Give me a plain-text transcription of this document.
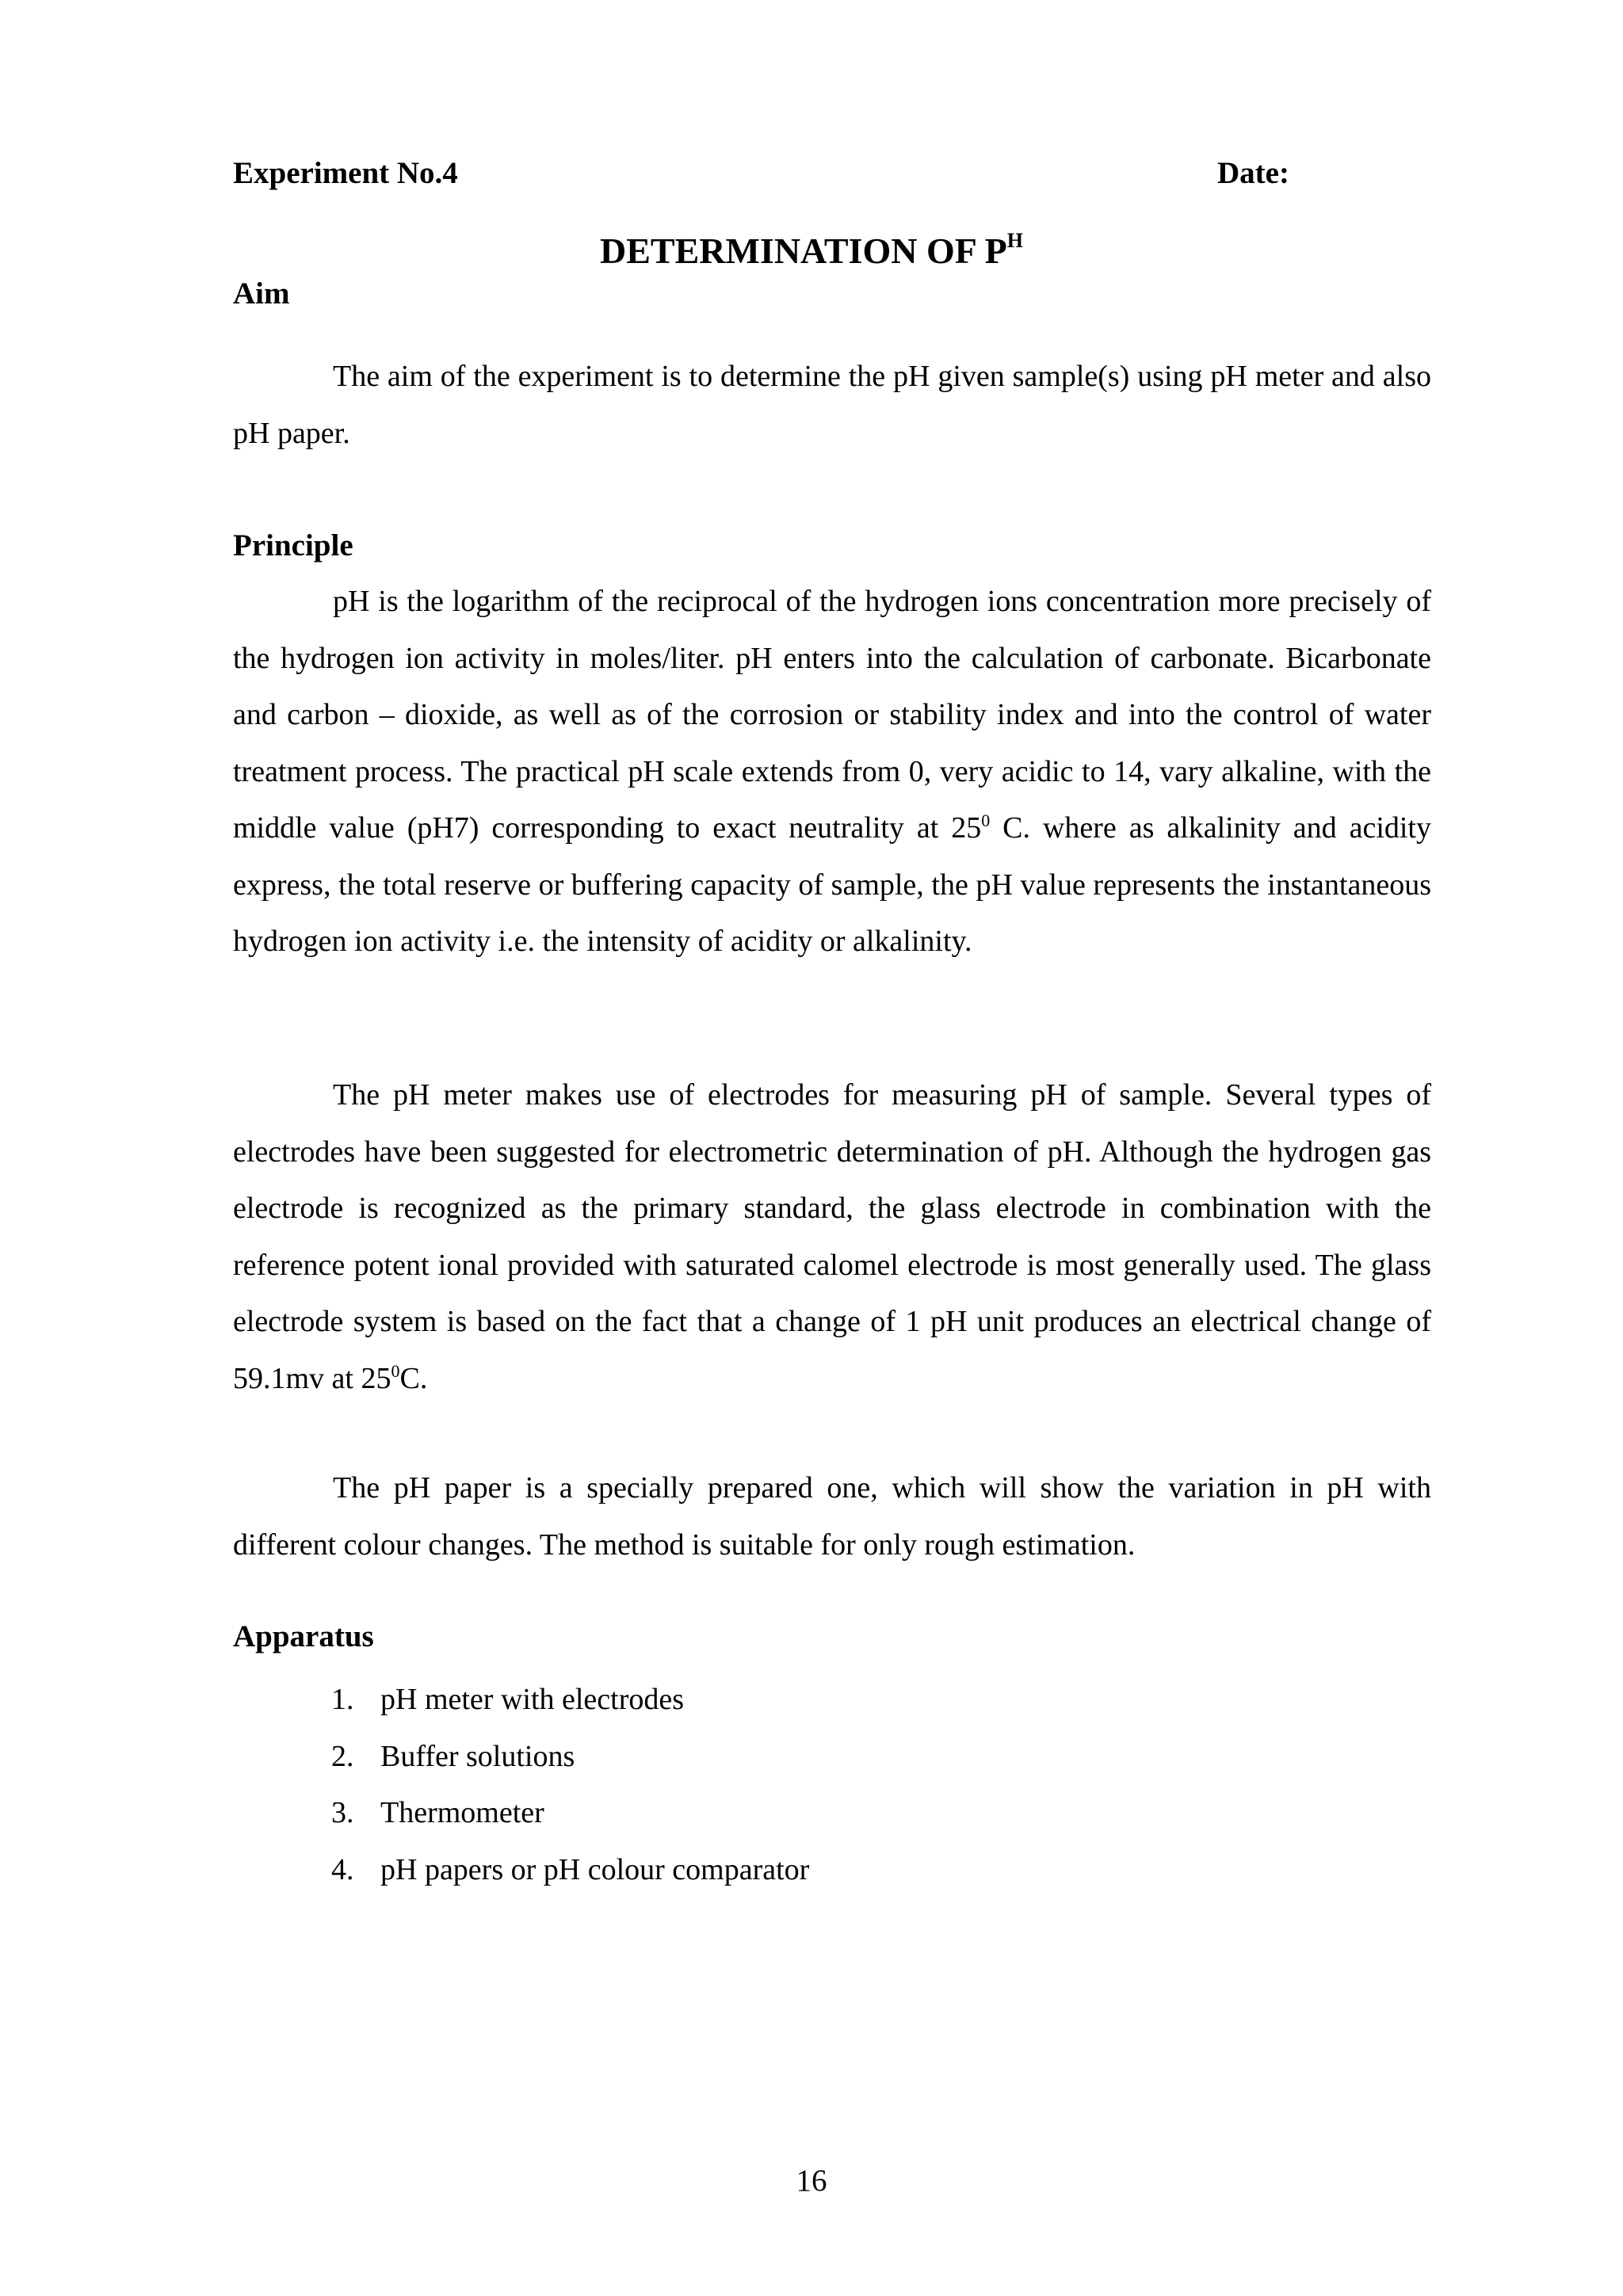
Experiment No.4	Date:
DETERMINATION OF $P^H$
Aim

The aim of the experiment is to determine the pH given sample(s) using pH meter and also pH paper.

Principle

pH is the logarithm of the reciprocal of the hydrogen ions concentration more precisely of the hydrogen ion activity in moles/liter. pH enters into the calculation of carbonate. Bicarbonate and carbon – dioxide, as well as of the corrosion or stability index and into the control of water treatment process. The practical pH scale extends from 0, very acidic to 14, vary alkaline, with the middle value (pH7) corresponding to exact neutrality at $25^0$ C. where as alkalinity and acidity express, the total reserve or buffering capacity of sample, the pH value represents the instantaneous hydrogen ion activity i.e. the intensity of acidity or alkalinity.

The pH meter makes use of electrodes for measuring pH of sample. Several types of electrodes have been suggested for electrometric determination of pH. Although the hydrogen gas electrode is recognized as the primary standard, the glass electrode in combination with the reference potent ional provided with saturated calomel electrode is most generally used. The glass electrode system is based on the fact that a change of 1 pH unit produces an electrical change of 59.1mv at $25^0C$.

The pH paper is a specially prepared one, which will show the variation in pH with different colour changes. The method is suitable for only rough estimation.

Apparatus
1. pH meter with electrodes
2. Buffer solutions
3. Thermometer
4. pH papers or pH colour comparator
16
